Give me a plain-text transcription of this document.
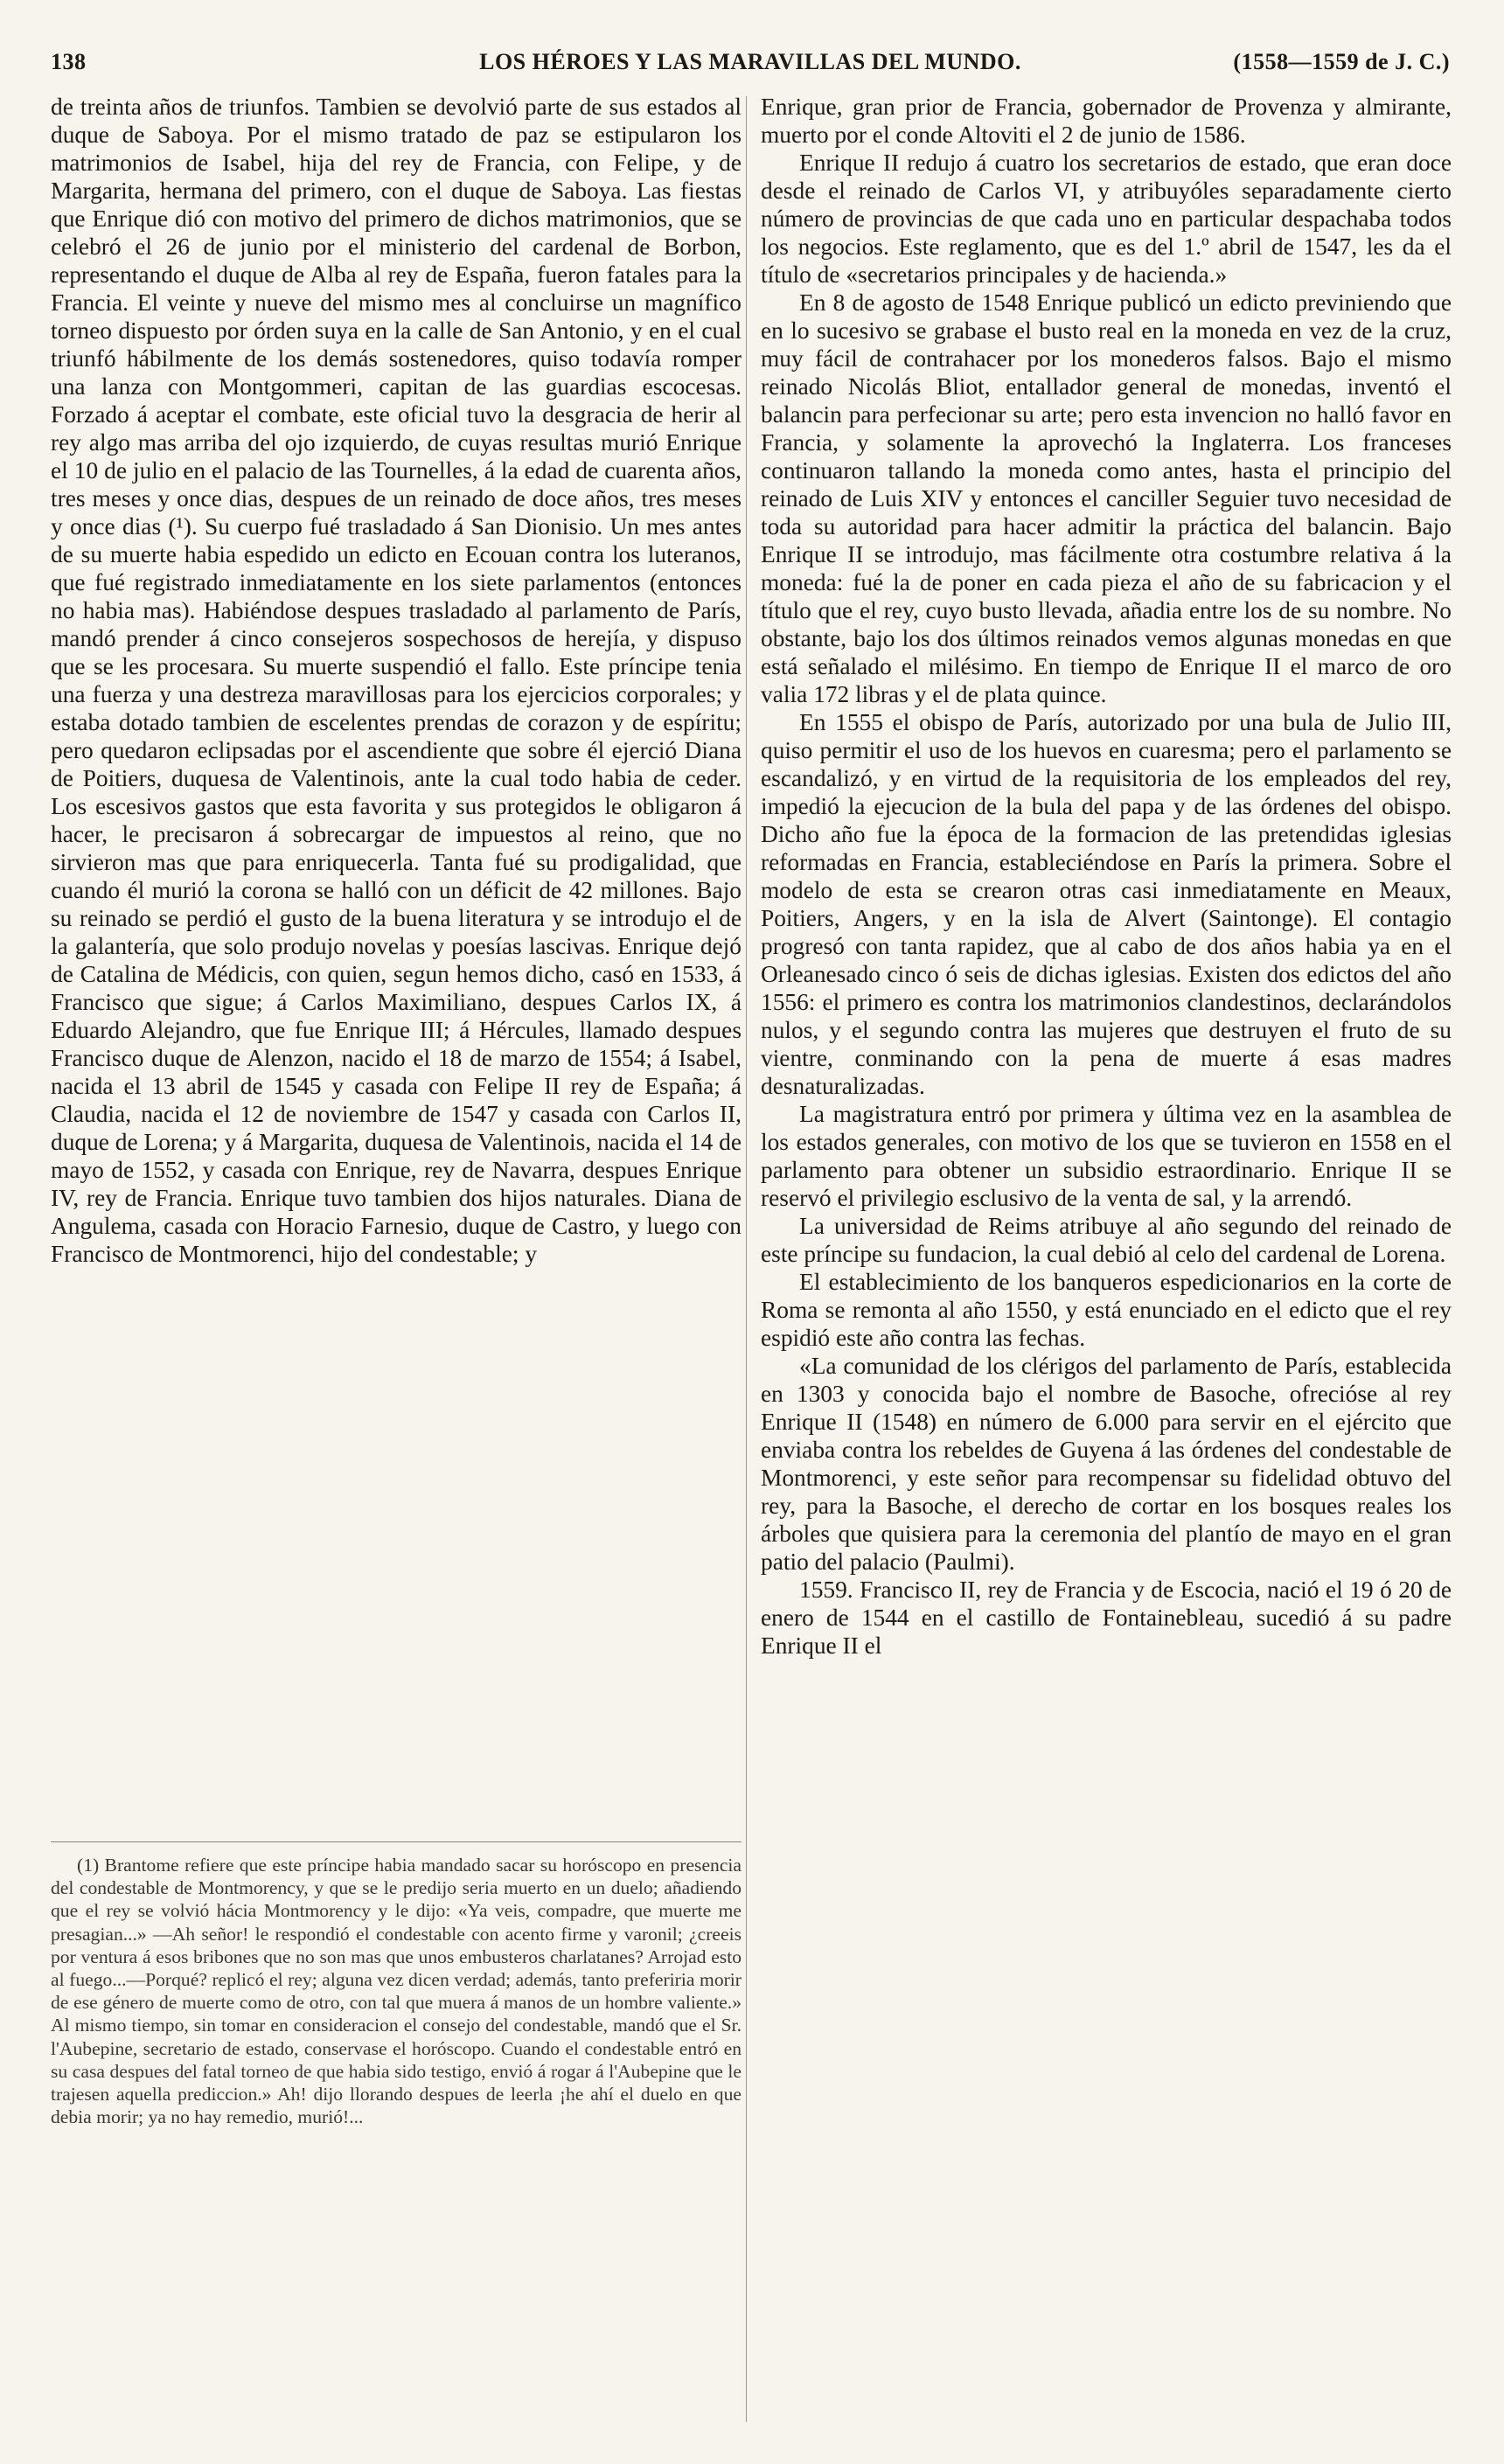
138	LOS HÉROES Y LAS MARAVILLAS DEL MUNDO.	(1558—1559 de J. C.)

de treinta años de triunfos. Tambien se devolvió parte de sus estados al duque de Saboya. Por el mismo tratado de paz se estipularon los matrimonios de Isabel, hija del rey de Francia, con Felipe, y de Margarita, hermana del primero, con el duque de Saboya. Las fiestas que Enrique dió con motivo del primero de dichos matrimonios, que se celebró el 26 de junio por el ministerio del cardenal de Borbon, representando el duque de Alba al rey de España, fueron fatales para la Francia. El veinte y nueve del mismo mes al concluirse un magnífico torneo dispuesto por órden suya en la calle de San Antonio, y en el cual triunfó hábilmente de los demás sostenedores, quiso todavía romper una lanza con Montgommeri, capitan de las guardias escocesas. Forzado á aceptar el combate, este oficial tuvo la desgracia de herir al rey algo mas arriba del ojo izquierdo, de cuyas resultas murió Enrique el 10 de julio en el palacio de las Tournelles, á la edad de cuarenta años, tres meses y once dias, despues de un reinado de doce años, tres meses y once dias (¹). Su cuerpo fué trasladado á San Dionisio. Un mes antes de su muerte habia espedido un edicto en Ecouan contra los luteranos, que fué registrado inmediatamente en los siete parlamentos (entonces no habia mas). Habiéndose despues trasladado al parlamento de París, mandó prender á cinco consejeros sospechosos de herejía, y dispuso que se les procesara. Su muerte suspendió el fallo. Este príncipe tenia una fuerza y una destreza maravillosas para los ejercicios corporales; y estaba dotado tambien de escelentes prendas de corazon y de espíritu; pero quedaron eclipsadas por el ascendiente que sobre él ejerció Diana de Poitiers, duquesa de Valentinois, ante la cual todo habia de ceder. Los escesivos gastos que esta favorita y sus protegidos le obligaron á hacer, le precisaron á sobrecargar de impuestos al reino, que no sirvieron mas que para enriquecerla. Tanta fué su prodigalidad, que cuando él murió la corona se halló con un déficit de 42 millones. Bajo su reinado se perdió el gusto de la buena literatura y se introdujo el de la galantería, que solo produjo novelas y poesías lascivas. Enrique dejó de Catalina de Médicis, con quien, segun hemos dicho, casó en 1533, á Francisco que sigue; á Carlos Maximiliano, despues Carlos IX, á Eduardo Alejandro, que fue Enrique III; á Hércules, llamado despues Francisco duque de Alenzon, nacido el 18 de marzo de 1554; á Isabel, nacida el 13 abril de 1545 y casada con Felipe II rey de España; á Claudia, nacida el 12 de noviembre de 1547 y casada con Carlos II, duque de Lorena; y á Margarita, duquesa de Valentinois, nacida el 14 de mayo de 1552, y casada con Enrique, rey de Navarra, despues Enrique IV, rey de Francia. Enrique tuvo tambien dos hijos naturales. Diana de Angulema, casada con Horacio Farnesio, duque de Castro, y luego con Francisco de Montmorenci, hijo del condestable; y

(1) Brantome refiere que este príncipe habia mandado sacar su horóscopo en presencia del condestable de Montmorency, y que se le predijo seria muerto en un duelo; añadiendo que el rey se volvió hácia Montmorency y le dijo: «Ya veis, compadre, que muerte me presagian...» —Ah señor! le respondió el condestable con acento firme y varonil; ¿creeis por ventura á esos bribones que no son mas que unos embusteros charlatanes? Arrojad esto al fuego...—Porqué? replicó el rey; alguna vez dicen verdad; además, tanto preferiria morir de ese género de muerte como de otro, con tal que muera á manos de un hombre valiente.» Al mismo tiempo, sin tomar en consideracion el consejo del condestable, mandó que el Sr. l'Aubepine, secretario de estado, conservase el horóscopo. Cuando el condestable entró en su casa despues del fatal torneo de que habia sido testigo, envió á rogar á l'Aubepine que le trajesen aquella prediccion.» Ah! dijo llorando despues de leerla ¡he ahí el duelo en que debia morir; ya no hay remedio, murió!...

Enrique, gran prior de Francia, gobernador de Provenza y almirante, muerto por el conde Altoviti el 2 de junio de 1586.

Enrique II redujo á cuatro los secretarios de estado, que eran doce desde el reinado de Carlos VI, y atribuyóles separadamente cierto número de provincias de que cada uno en particular despachaba todos los negocios. Este reglamento, que es del 1.º abril de 1547, les da el título de «secretarios principales y de hacienda.»

En 8 de agosto de 1548 Enrique publicó un edicto previniendo que en lo sucesivo se grabase el busto real en la moneda en vez de la cruz, muy fácil de contrahacer por los monederos falsos. Bajo el mismo reinado Nicolás Bliot, entallador general de monedas, inventó el balancin para perfecionar su arte; pero esta invencion no halló favor en Francia, y solamente la aprovechó la Inglaterra. Los franceses continuaron tallando la moneda como antes, hasta el principio del reinado de Luis XIV y entonces el canciller Seguier tuvo necesidad de toda su autoridad para hacer admitir la práctica del balancin. Bajo Enrique II se introdujo, mas fácilmente otra costumbre relativa á la moneda: fué la de poner en cada pieza el año de su fabricacion y el título que el rey, cuyo busto llevada, añadia entre los de su nombre. No obstante, bajo los dos últimos reinados vemos algunas monedas en que está señalado el milésimo. En tiempo de Enrique II el marco de oro valia 172 libras y el de plata quince.

En 1555 el obispo de París, autorizado por una bula de Julio III, quiso permitir el uso de los huevos en cuaresma; pero el parlamento se escandalizó, y en virtud de la requisitoria de los empleados del rey, impedió la ejecucion de la bula del papa y de las órdenes del obispo. Dicho año fue la época de la formacion de las pretendidas iglesias reformadas en Francia, estableciéndose en París la primera. Sobre el modelo de esta se crearon otras casi inmediatamente en Meaux, Poitiers, Angers, y en la isla de Alvert (Saintonge). El contagio progresó con tanta rapidez, que al cabo de dos años habia ya en el Orleanesado cinco ó seis de dichas iglesias. Existen dos edictos del año 1556: el primero es contra los matrimonios clandestinos, declarándolos nulos, y el segundo contra las mujeres que destruyen el fruto de su vientre, conminando con la pena de muerte á esas madres desnaturalizadas.

La magistratura entró por primera y última vez en la asamblea de los estados generales, con motivo de los que se tuvieron en 1558 en el parlamento para obtener un subsidio estraordinario. Enrique II se reservó el privilegio esclusivo de la venta de sal, y la arrendó.

La universidad de Reims atribuye al año segundo del reinado de este príncipe su fundacion, la cual debió al celo del cardenal de Lorena.

El establecimiento de los banqueros espedicionarios en la corte de Roma se remonta al año 1550, y está enunciado en el edicto que el rey espidió este año contra las fechas.

«La comunidad de los clérigos del parlamento de París, establecida en 1303 y conocida bajo el nombre de Basoche, ofrecióse al rey Enrique II (1548) en número de 6.000 para servir en el ejército que enviaba contra los rebeldes de Guyena á las órdenes del condestable de Montmorenci, y este señor para recompensar su fidelidad obtuvo del rey, para la Basoche, el derecho de cortar en los bosques reales los árboles que quisiera para la ceremonia del plantío de mayo en el gran patio del palacio (Paulmi).

1559. Francisco II, rey de Francia y de Escocia, nació el 19 ó 20 de enero de 1544 en el castillo de Fontainebleau, sucedió á su padre Enrique II el
